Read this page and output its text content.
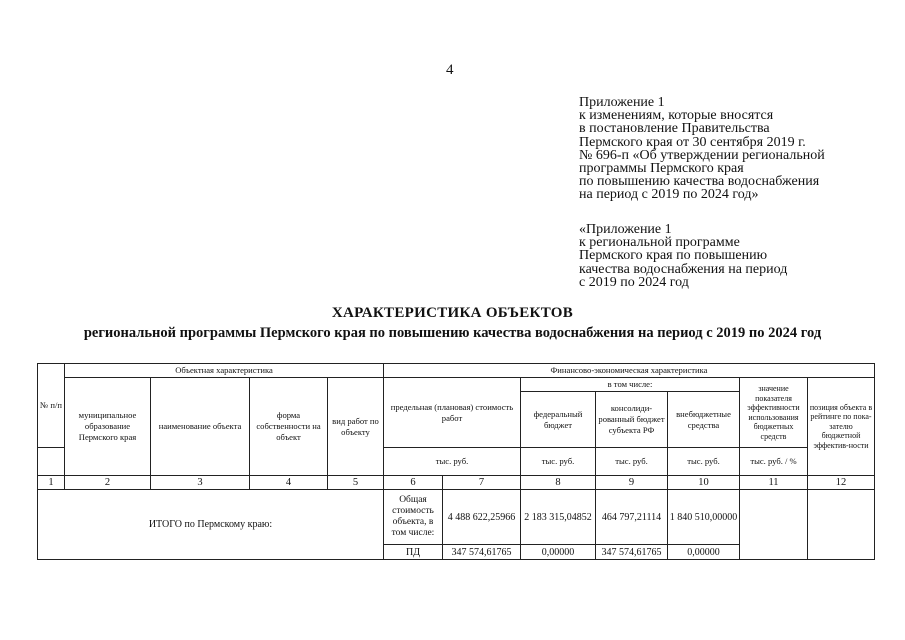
4
Приложение 1
к изменениям, которые вносятся
в постановление Правительства
Пермского края от 30 сентября 2019 г.
№ 696-п «Об утверждении региональной
программы Пермского края
по повышению качества водоснабжения
на период с 2019 по 2024 год»
«Приложение 1
к региональной программе
Пермского края по повышению
качества водоснабжения на период
с 2019 по 2024 год
ХАРАКТЕРИСТИКА ОБЪЕКТОВ
региональной программы Пермского края по повышению качества водоснабжения на период с 2019 по 2024 год
№ п/п	Объектная характеристика				Финансово-экономическая характеристика						
	муниципальное образование Пермского края	наименование объекта	форма собственности на объект	вид работ по объекту	предельная (плановая) стоимость работ		в том числе:			значение показателя эффективности использования бюджетных средств	позиция объекта в рейтинге по пока-зателю бюджетной эффектив-ности
							федеральный бюджет	консолиди-рованный бюджет субъекта РФ	внебюджетные средства		
					тыс. руб.		тыс. руб.	тыс. руб.	тыс. руб.	тыс. руб. / %	
1	2	3	4	5	6	7	8	9	10	11	12
ИТОГО по Пермскому краю:					Общая стоимость объекта, в том числе:	4 488 622,25966	2 183 315,04852	464 797,21114	1 840 510,00000		
					ПД	347 574,61765	0,00000	347 574,61765	0,00000		
